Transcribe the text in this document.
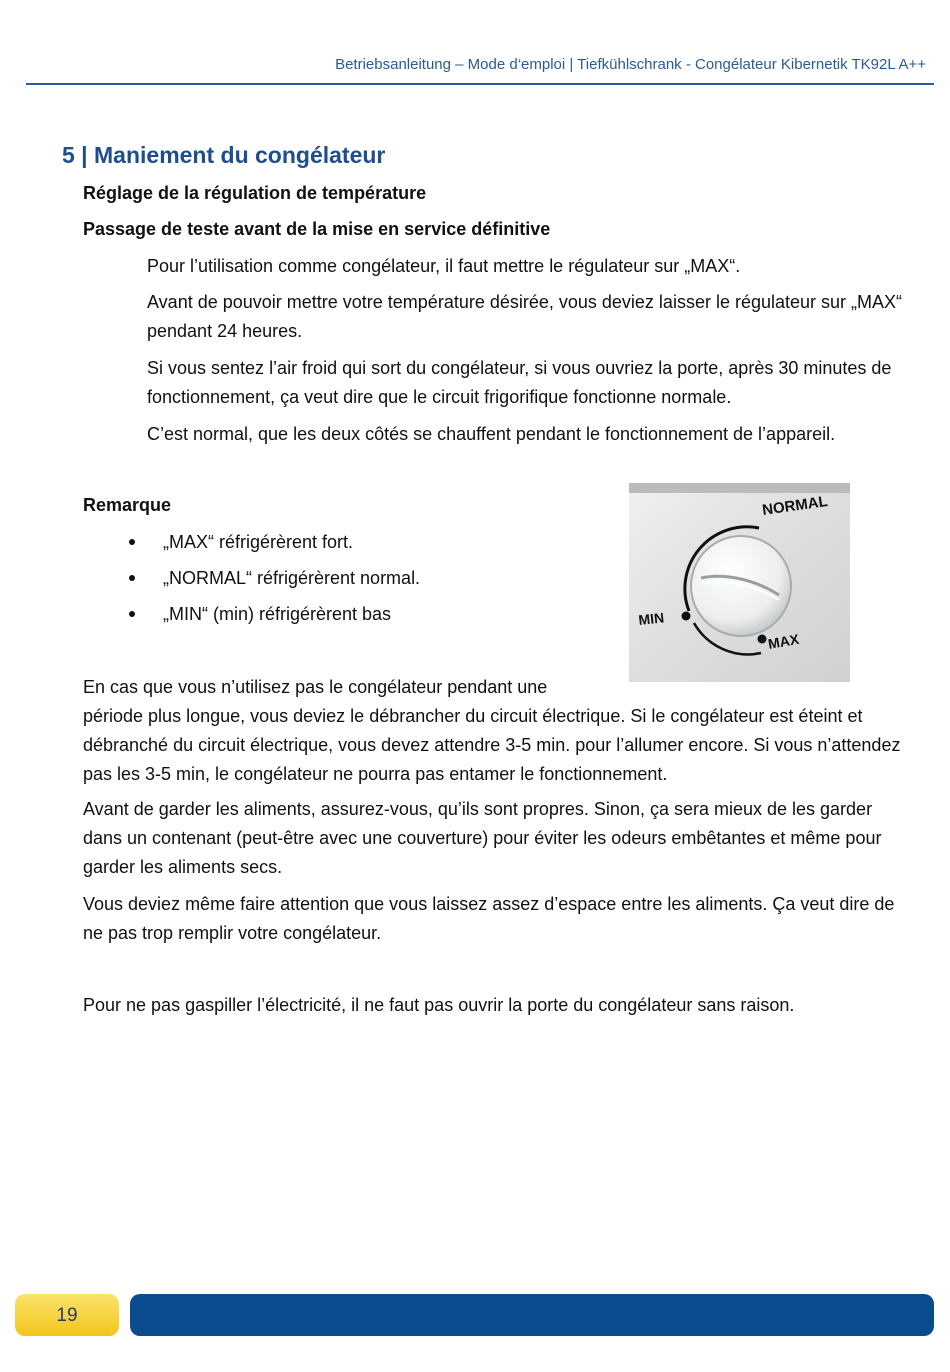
Betriebsanleitung – Mode d‘emploi | Tiefkühlschrank - Congélateur Kibernetik TK92L A++
5 | Maniement du congélateur
Réglage de la régulation de température
Passage de teste avant de la mise en service définitive
Pour l’utilisation comme congélateur, il faut mettre le régulateur sur „MAX“.
Avant de pouvoir mettre votre température désirée, vous deviez laisser le régulateur sur „MAX“ pendant 24 heures.
Si vous sentez l’air froid qui sort du congélateur, si vous ouvriez la porte, après 30 minutes de fonctionnement, ça veut dire que le circuit frigorifique fonctionne normale.
C’est normal, que les deux côtés se chauffent pendant le fonctionnement de l’appareil.
Remarque
„MAX“ réfrigérèrent fort.
„NORMAL“ réfrigérèrent normal.
„MIN“ (min) réfrigérèrent bas
NORMAL
MIN
MAX
En cas que vous n’utilisez pas le congélateur pendant une
période plus longue, vous deviez le débrancher du circuit électrique. Si le congélateur est éteint et débranché du circuit électrique, vous devez attendre 3-5 min. pour l’allumer encore. Si vous n’attendez pas les 3-5 min, le congélateur ne pourra pas entamer le fonctionnement.
Avant de garder les aliments, assurez-vous, qu’ils sont propres. Sinon, ça sera mieux de les garder dans un contenant (peut-être avec une couverture) pour éviter les odeurs embêtantes et même pour garder les aliments secs.
Vous deviez même faire attention que vous laissez assez d’espace entre les aliments. Ça veut dire de ne pas trop remplir votre congélateur.
Pour ne pas gaspiller l’électricité, il ne faut pas ouvrir la porte du congélateur sans raison.
19
